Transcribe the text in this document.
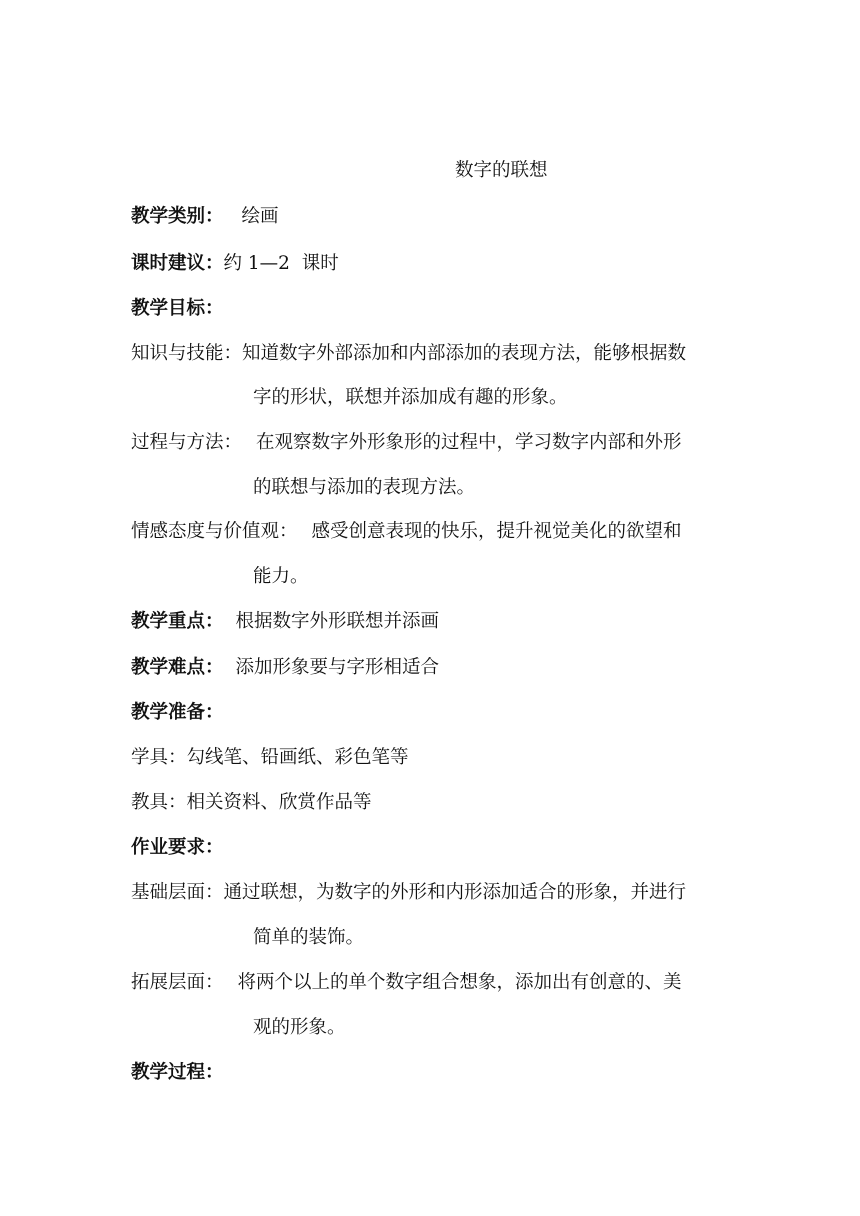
数字的联想
教学类别： 绘画
课时建议：约 1—2  课时
教学目标：
知识与技能：知道数字外部添加和内部添加的表现方法，能够根据数
字的形状，联想并添加成有趣的形象。
过程与方法： 在观察数字外形象形的过程中，学习数字内部和外形
的联想与添加的表现方法。
情感态度与价值观： 感受创意表现的快乐，提升视觉美化的欲望和
能力。
教学重点： 根据数字外形联想并添画
教学难点： 添加形象要与字形相适合
教学准备：
学具：勾线笔、铅画纸、彩色笔等
教具：相关资料、欣赏作品等
作业要求：
基础层面：通过联想，为数字的外形和内形添加适合的形象，并进行
简单的装饰。
拓展层面： 将两个以上的单个数字组合想象，添加出有创意的、美
观的形象。
教学过程：
